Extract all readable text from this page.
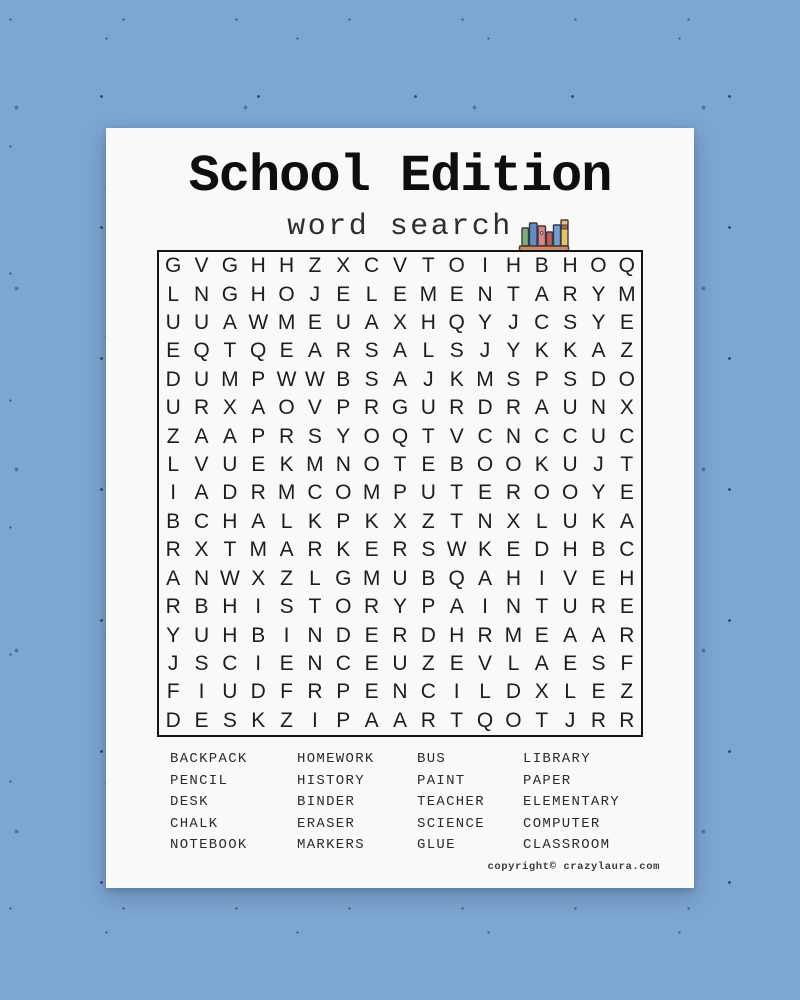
School Edition
word search
G V G H H Z X C V T O I H B H O Q
L N G H O J E L E M E N T A R Y M
U U A W M E U A X H Q Y J C S Y E
E Q T Q E A R S A L S J Y K K A Z
D U M P W W B S A J K M S P S D O
U R X A O V P R G U R D R A U N X
Z A A P R S Y O Q T V C N C C U C
L V U E K M N O T E B O O K U J T
I A D R M C O M P U T E R O O Y E
B C H A L K P K X Z T N X L U K A
R X T M A R K E R S W K E D H B C
A N W X Z L G M U B Q A H I V E H
R B H I S T O R Y P A I N T U R E
Y U H B I N D E R D H R M E A A R
J S C I E N C E U Z E V L A E S F
F I U D F R P E N C I L D X L E Z
D E S K Z I P A A R T Q O T J R R
BACKPACK
PENCIL
DESK
CHALK
NOTEBOOK
HOMEWORK
HISTORY
BINDER
ERASER
MARKERS
BUS
PAINT
TEACHER
SCIENCE
GLUE
LIBRARY
PAPER
ELEMENTARY
COMPUTER
CLASSROOM
copyright© crazylaura.com
